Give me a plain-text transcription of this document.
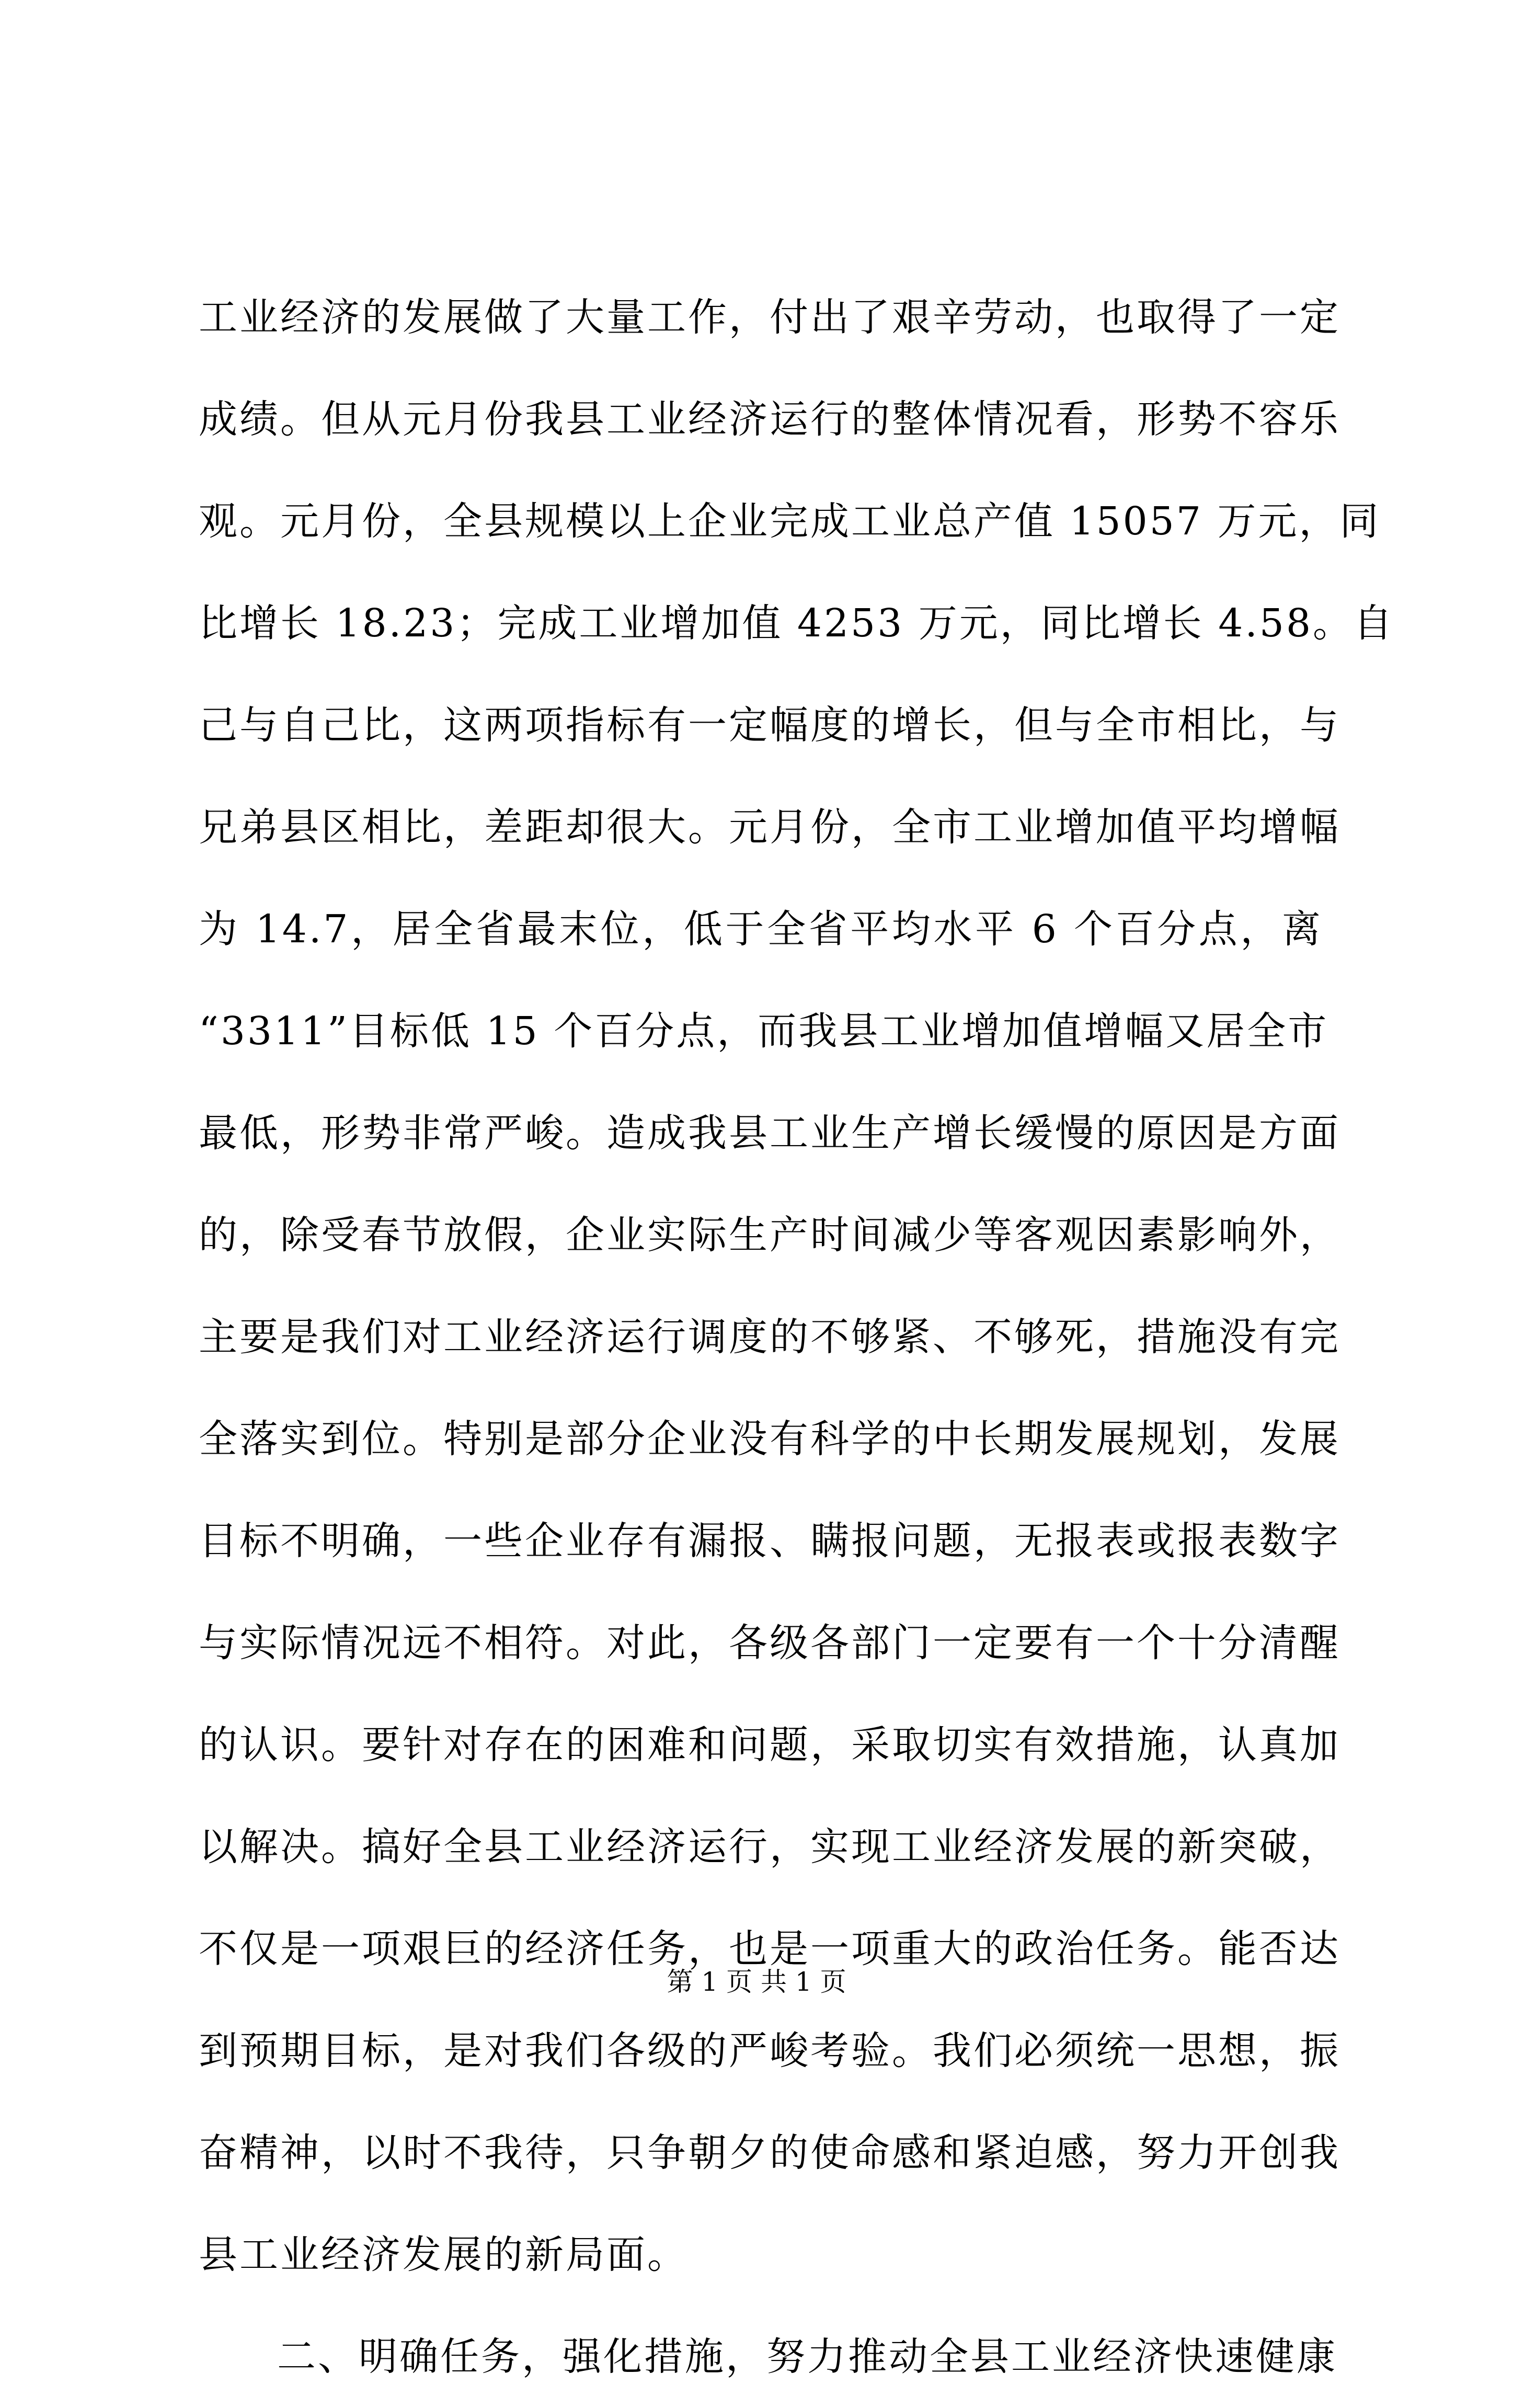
工业经济的发展做了大量工作，付出了艰辛劳动，也取得了一定
成绩。但从元月份我县工业经济运行的整体情况看，形势不容乐
观。元月份，全县规模以上企业完成工业总产值 15057 万元，同
比增长 18.23；完成工业增加值 4253 万元，同比增长 4.58。自
己与自己比，这两项指标有一定幅度的增长，但与全市相比，与
兄弟县区相比，差距却很大。元月份，全市工业增加值平均增幅
为 14.7，居全省最末位，低于全省平均水平 6 个百分点，离
“3311”目标低 15 个百分点，而我县工业增加值增幅又居全市
最低，形势非常严峻。造成我县工业生产增长缓慢的原因是方面
的，除受春节放假，企业实际生产时间减少等客观因素影响外，
主要是我们对工业经济运行调度的不够紧、不够死，措施没有完
全落实到位。特别是部分企业没有科学的中长期发展规划，发展
目标不明确，一些企业存有漏报、瞒报问题，无报表或报表数字
与实际情况远不相符。对此，各级各部门一定要有一个十分清醒
的认识。要针对存在的困难和问题，采取切实有效措施，认真加
以解决。搞好全县工业经济运行，实现工业经济发展的新突破，
不仅是一项艰巨的经济任务，也是一项重大的政治任务。能否达
到预期目标，是对我们各级的严峻考验。我们必须统一思想，振
奋精神，以时不我待，只争朝夕的使命感和紧迫感，努力开创我
县工业经济发展的新局面。
二、明确任务，强化措施，努力推动全县工业经济快速健康
第 1 页 共 1 页
